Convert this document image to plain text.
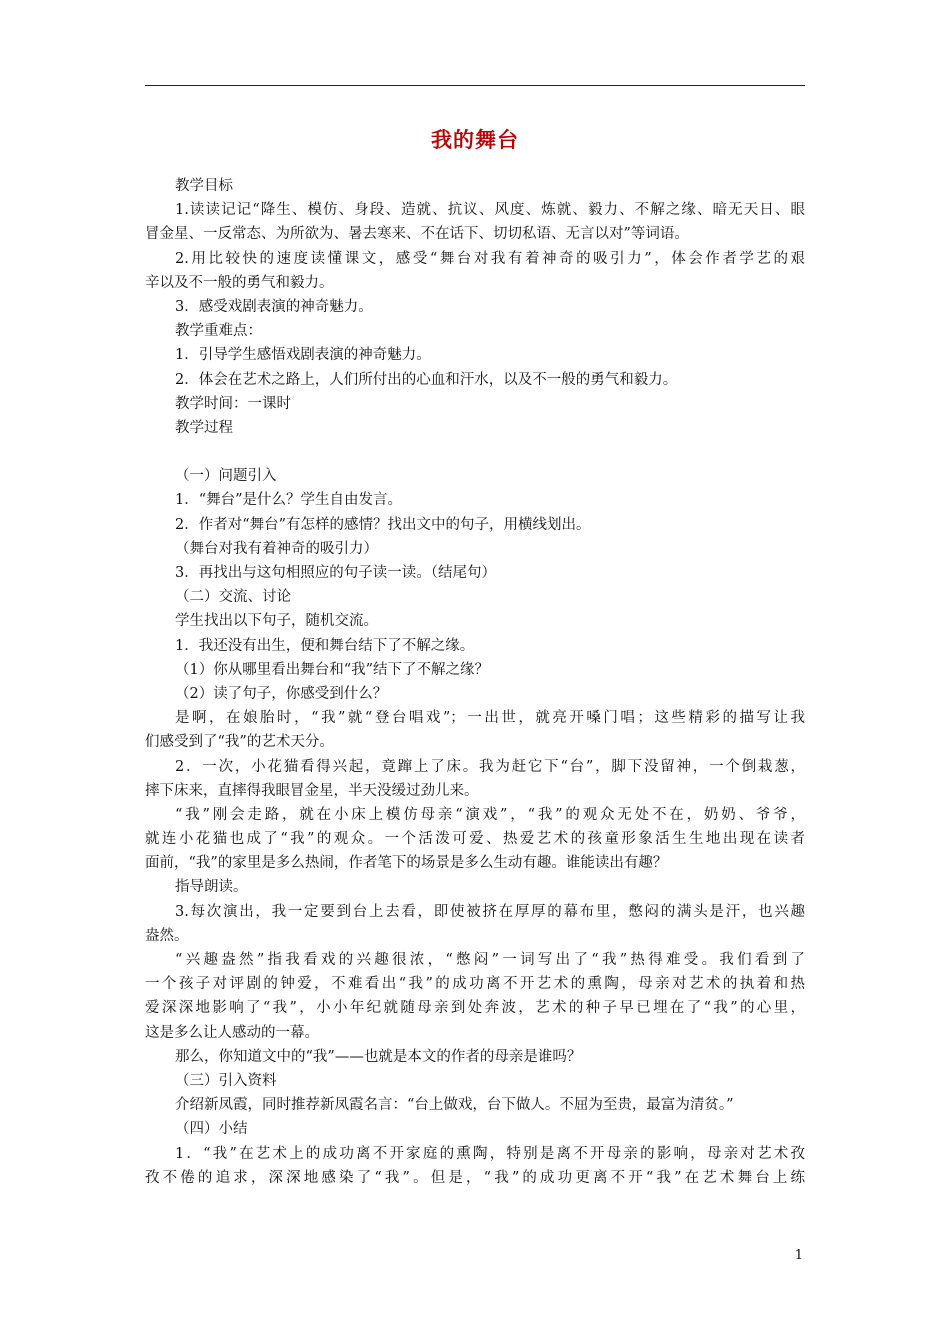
我的舞台
教学目标
1.读读记记“降生、模仿、身段、造就、抗议、风度、炼就、毅力、不解之缘、暗无天日、眼
冒金星、一反常态、为所欲为、暑去寒来、不在话下、切切私语、无言以对”等词语。
2.用比较快的速度读懂课文，感受“舞台对我有着神奇的吸引力”，体会作者学艺的艰
辛以及不一般的勇气和毅力。
3．感受戏剧表演的神奇魅力。
教学重难点：
1．引导学生感悟戏剧表演的神奇魅力。
2．体会在艺术之路上，人们所付出的心血和汗水，以及不一般的勇气和毅力。
教学时间：一课时
教学过程
（一）问题引入
1．“舞台”是什么？学生自由发言。
2．作者对“舞台”有怎样的感情？找出文中的句子，用横线划出。
（舞台对我有着神奇的吸引力）
3．再找出与这句相照应的句子读一读。（结尾句）
（二）交流、讨论
学生找出以下句子，随机交流。
1．我还没有出生，便和舞台结下了不解之缘。
（1）你从哪里看出舞台和“我”结下了不解之缘？
（2）读了句子，你感受到什么？
是啊，在娘胎时，“我”就“登台唱戏”；一出世，就亮开嗓门唱；这些精彩的描写让我
们感受到了“我”的艺术天分。
2．一次，小花猫看得兴起，竟蹿上了床。我为赶它下“台”，脚下没留神，一个倒栽葱，
摔下床来，直摔得我眼冒金星，半天没缓过劲儿来。
“我”刚会走路，就在小床上模仿母亲“演戏”，“我”的观众无处不在，奶奶、爷爷，
就连小花猫也成了“我”的观众。一个活泼可爱、热爱艺术的孩童形象活生生地出现在读者
面前，“我”的家里是多么热闹，作者笔下的场景是多么生动有趣。谁能读出有趣？
指导朗读。
3.每次演出，我一定要到台上去看，即使被挤在厚厚的幕布里，憋闷的满头是汗，也兴趣
盎然。
“兴趣盎然”指我看戏的兴趣很浓，“憋闷”一词写出了“我”热得难受。我们看到了
一个孩子对评剧的钟爱，不难看出“我”的成功离不开艺术的熏陶，母亲对艺术的执着和热
爱深深地影响了“我”，小小年纪就随母亲到处奔波，艺术的种子早已埋在了“我”的心里，
这是多么让人感动的一幕。
那么，你知道文中的“我”——也就是本文的作者的母亲是谁吗？
（三）引入资料
介绍新凤霞，同时推荐新凤霞名言：“台上做戏，台下做人。不屈为至贵，最富为清贫。”
（四）小结
1．“我”在艺术上的成功离不开家庭的熏陶，特别是离不开母亲的影响，母亲对艺术孜
孜不倦的追求，深深地感染了“我”。但是，“我”的成功更离不开“我”在艺术舞台上练
1
